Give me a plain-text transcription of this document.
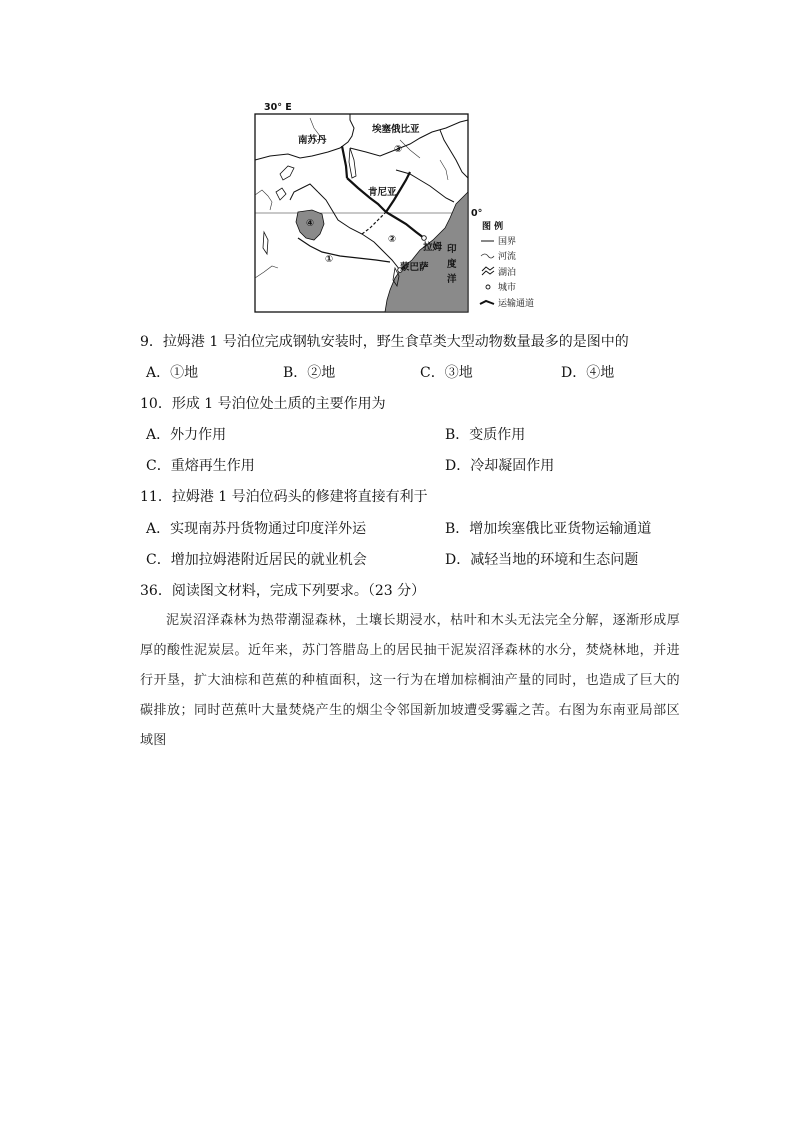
30° E
0°
南苏丹
埃塞俄比亚
肯尼亚
③
②
①
④
拉姆
蒙巴萨
印
度
洋
图 例
国界
河流
湖泊
城市
运输通道
9．拉姆港 1 号泊位完成钢轨安装时，野生食草类大型动物数量最多的是图中的
A．①地	B．②地	C．③地	D．④地
10．形成 1 号泊位处土质的主要作用为
A．外力作用	B．变质作用
C．重熔再生作用	D．冷却凝固作用
11．拉姆港 1 号泊位码头的修建将直接有利于
A．实现南苏丹货物通过印度洋外运	B．增加埃塞俄比亚货物运输通道
C．增加拉姆港附近居民的就业机会	D．减轻当地的环境和生态问题
36．阅读图文材料，完成下列要求。（23 分）
泥炭沼泽森林为热带潮湿森林，土壤长期浸水，枯叶和木头无法完全分解，逐渐形成厚厚的酸性泥炭层。近年来，苏门答腊岛上的居民抽干泥炭沼泽森林的水分，焚烧林地，并进行开垦，扩大油棕和芭蕉的种植面积，这一行为在增加棕榈油产量的同时，也造成了巨大的碳排放；同时芭蕉叶大量焚烧产生的烟尘令邻国新加坡遭受雾霾之苦。右图为东南亚局部区域图
